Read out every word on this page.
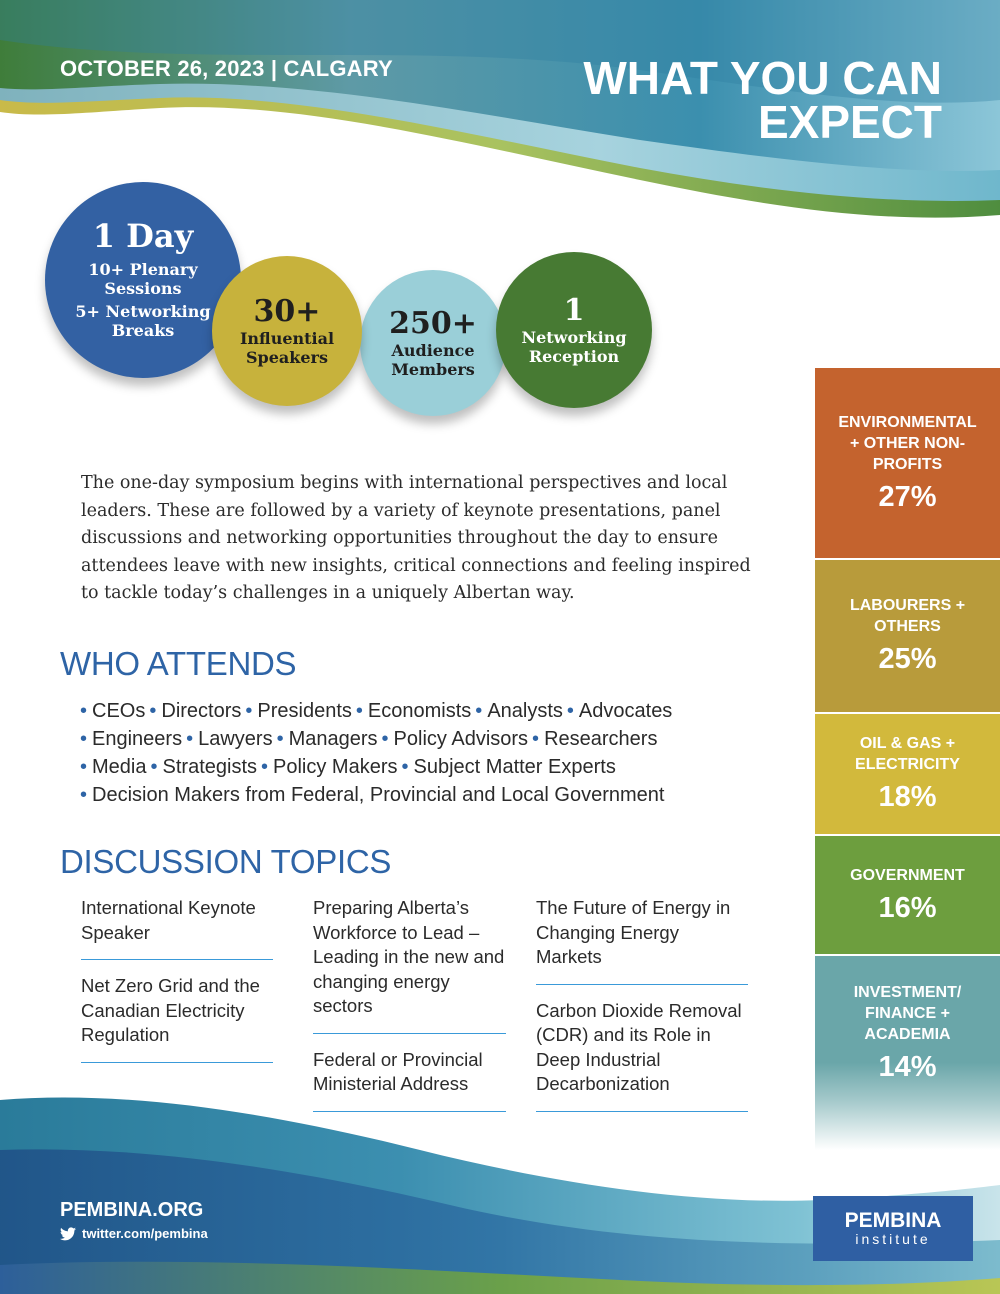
OCTOBER 26, 2023 | CALGARY	WHAT YOU CAN
EXPECT
1 Day
10+ Plenary Sessions
5+ Networking Breaks
30+
Influential Speakers
250+
Audience Members
1
Networking Reception

The one-day symposium begins with international perspectives and local leaders. These are followed by a variety of keynote presentations, panel discussions and networking opportunities throughout the day to ensure attendees leave with new insights, critical connections and feeling inspired to tackle today’s challenges in a uniquely Albertan way.

WHO ATTENDS
• CEOs • Directors • Presidents • Economists • Analysts • Advocates
• Engineers • Lawyers • Managers • Policy Advisors • Researchers
• Media • Strategists • Policy Makers • Subject Matter Experts
• Decision Makers from Federal, Provincial and Local Government
DISCUSSION TOPICS
International Keynote Speaker
Net Zero Grid and the Canadian Electricity Regulation
Preparing Alberta’s Workforce to Lead – Leading in the new and changing energy sectors
Federal or Provincial Ministerial Address
The Future of Energy in Changing Energy Markets
Carbon Dioxide Removal (CDR) and its Role in Deep Industrial Decarbonization
ENVIRONMENTAL + OTHER NON-PROFITS
27%
LABOURERS + OTHERS
25%
OIL & GAS + ELECTRICITY
18%
GOVERNMENT
16%
INVESTMENT/ FINANCE + ACADEMIA
14%
PEMBINA.ORG
twitter.com/pembina
PEMBINA
institute
